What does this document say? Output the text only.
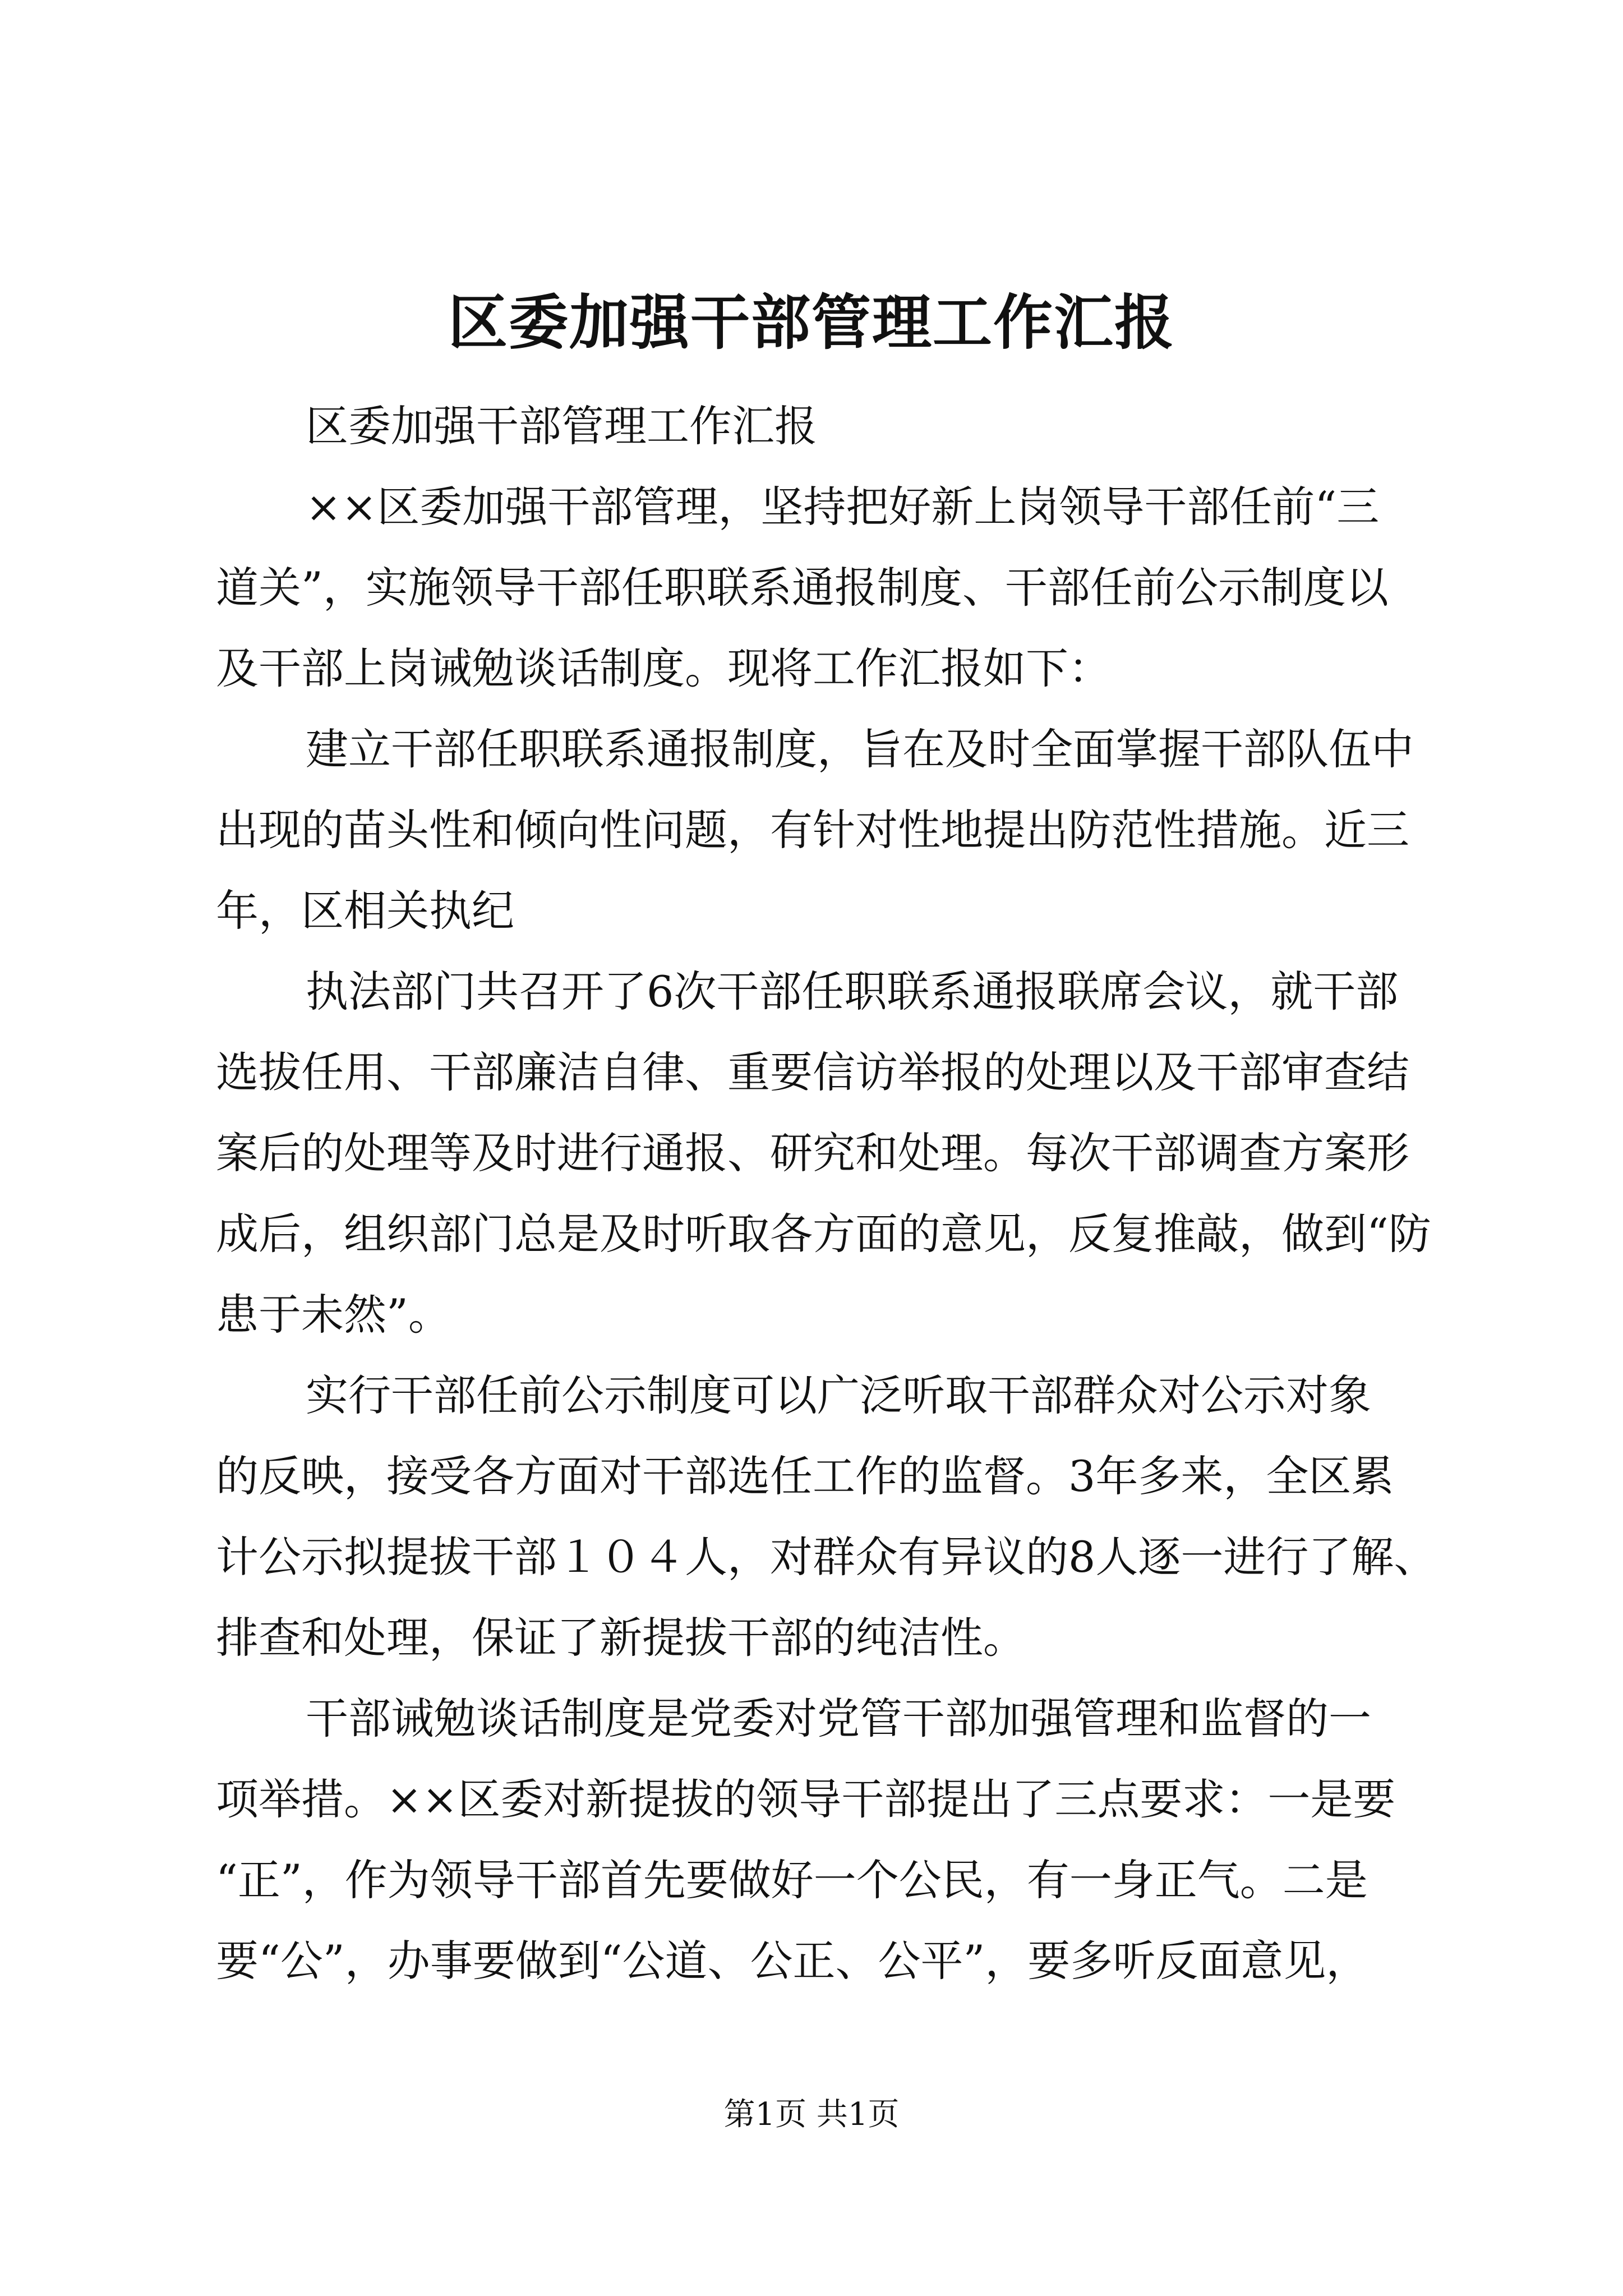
区委加强干部管理工作汇报
区委加强干部管理工作汇报
××区委加强干部管理，坚持把好新上岗领导干部任前“三
道关”，实施领导干部任职联系通报制度、干部任前公示制度以
及干部上岗诫勉谈话制度。现将工作汇报如下：
建立干部任职联系通报制度，旨在及时全面掌握干部队伍中
出现的苗头性和倾向性问题，有针对性地提出防范性措施。近三
年，区相关执纪
执法部门共召开了6次干部任职联系通报联席会议，就干部
选拔任用、干部廉洁自律、重要信访举报的处理以及干部审查结
案后的处理等及时进行通报、研究和处理。每次干部调查方案形
成后，组织部门总是及时听取各方面的意见，反复推敲，做到“防
患于未然”。
实行干部任前公示制度可以广泛听取干部群众对公示对象
的反映，接受各方面对干部选任工作的监督。3年多来，全区累
计公示拟提拔干部１０４人，对群众有异议的8人逐一进行了解、
排查和处理，保证了新提拔干部的纯洁性。
干部诫勉谈话制度是党委对党管干部加强管理和监督的一
项举措。××区委对新提拔的领导干部提出了三点要求：一是要
“正”，作为领导干部首先要做好一个公民，有一身正气。二是
要“公”，办事要做到“公道、公正、公平”，要多听反面意见，
第1页 共1页
